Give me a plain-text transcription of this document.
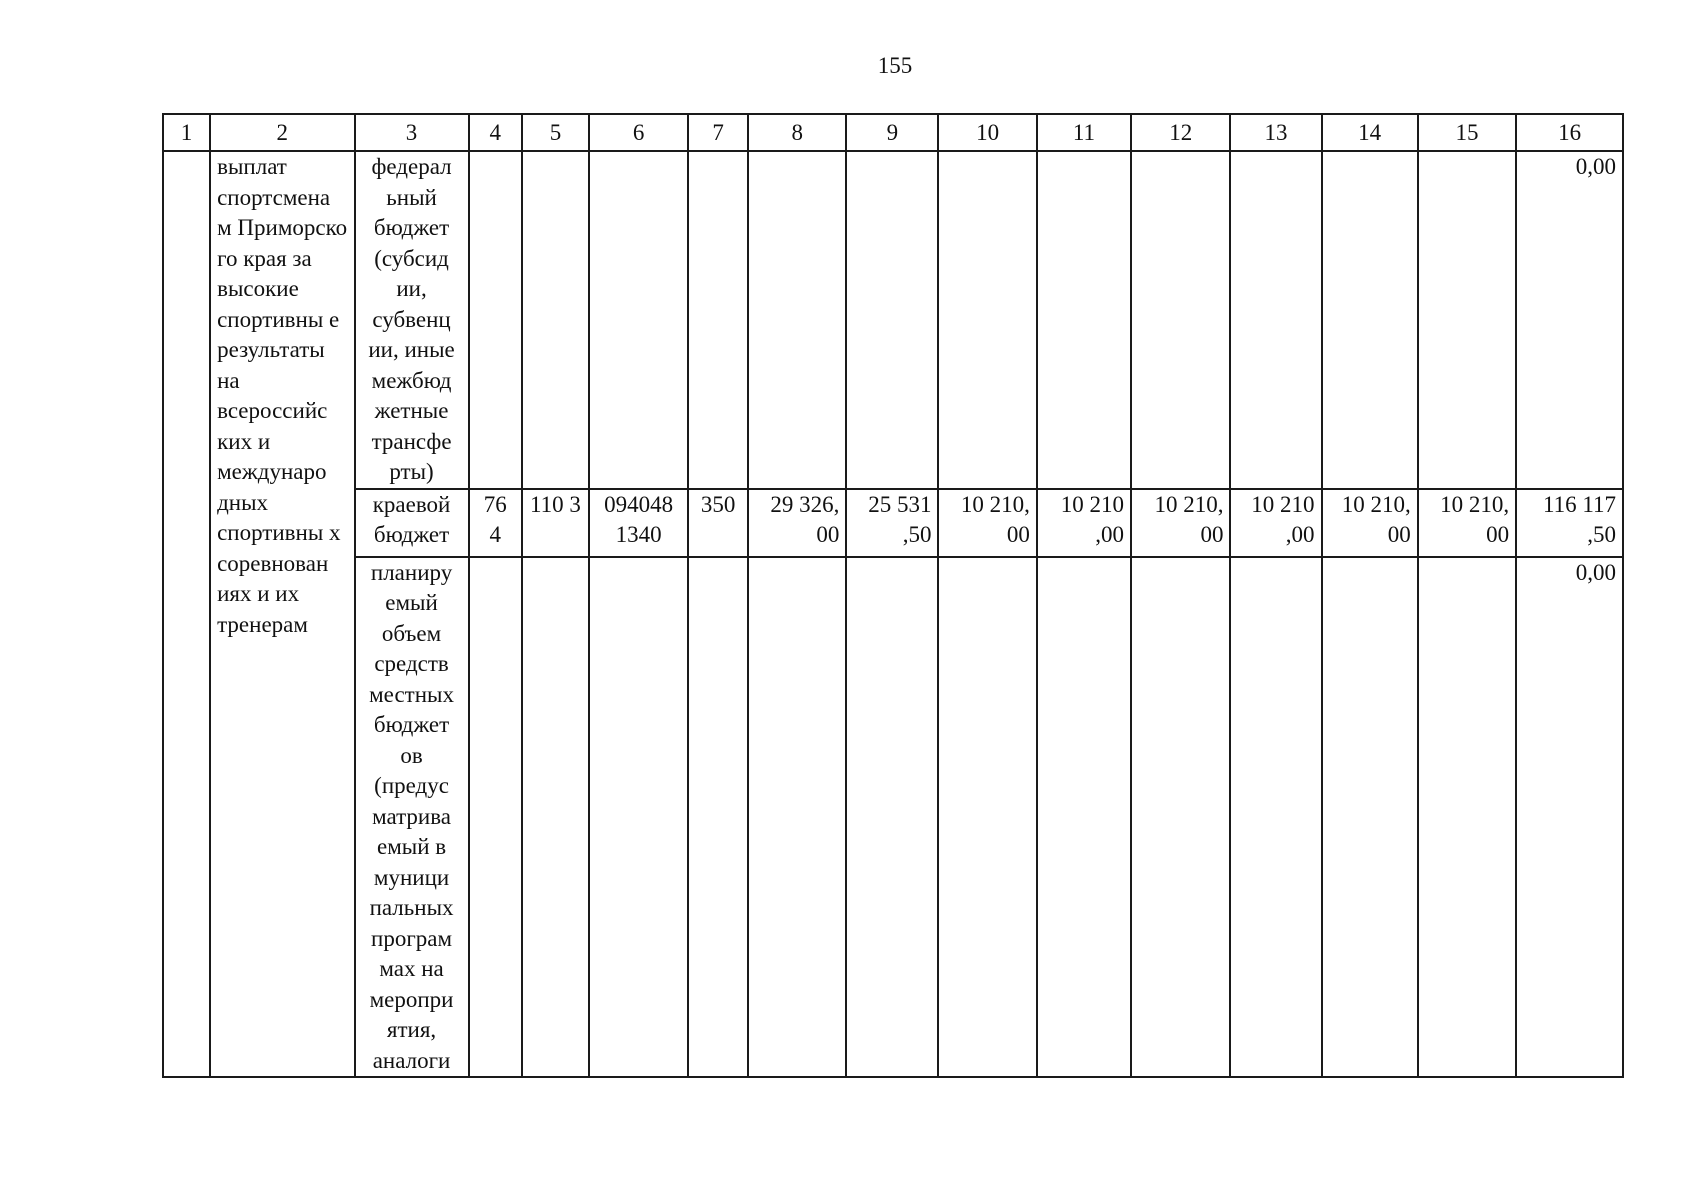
155
1	2	3	4	5	6	7	8	9	10	11	12	13	14	15	16
	выплат спортсмена м Приморско го края за высокие спортивны е результаты на всероссийс ких и междунаро дных спортивны х соревнован иях и их тренерам	федерал ьный бюджет (субсид ии, субвенц ии, иные межбюд жетные трансфе рты)													0,00
		краевой бюджет	76 4	110 3	094048 1340	350	29 326, 00	25 531 ,50	10 210, 00	10 210 ,00	10 210, 00	10 210 ,00	10 210, 00	10 210, 00	116 117 ,50
		планиру емый объем средств местных бюджет ов (предус матрива емый в муници пальных програм мах на меропри ятия, аналоги													0,00
